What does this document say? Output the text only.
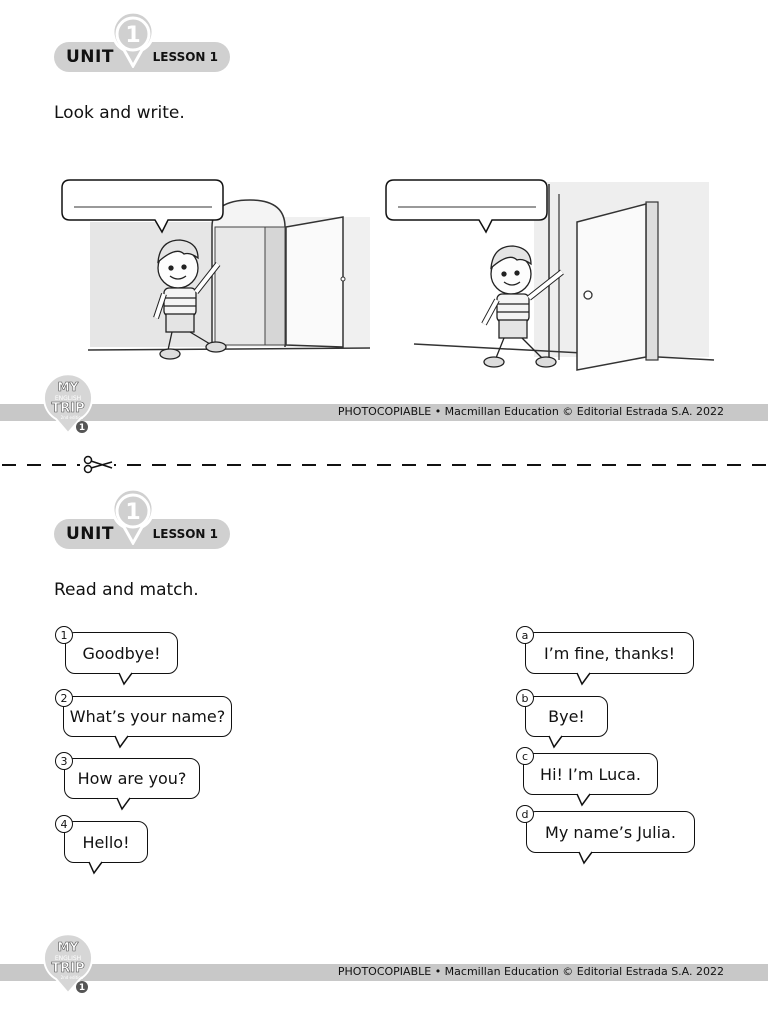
UNIT	LESSON 1
1
Look and write.
PHOTOCOPIABLE • Macmillan Education © Editorial Estrada S.A. 2022
MY
ENGLISH
TRIP
2nd edition
1
UNIT	LESSON 1
1
Read and match.
1
Goodbye!
2
What’s your name?
3
How are you?
4
Hello!
a
I’m fine, thanks!
b
Bye!
c
Hi! I’m Luca.
d
My name’s Julia.
PHOTOCOPIABLE • Macmillan Education © Editorial Estrada S.A. 2022
MY
ENGLISH
TRIP
2nd edition
1
